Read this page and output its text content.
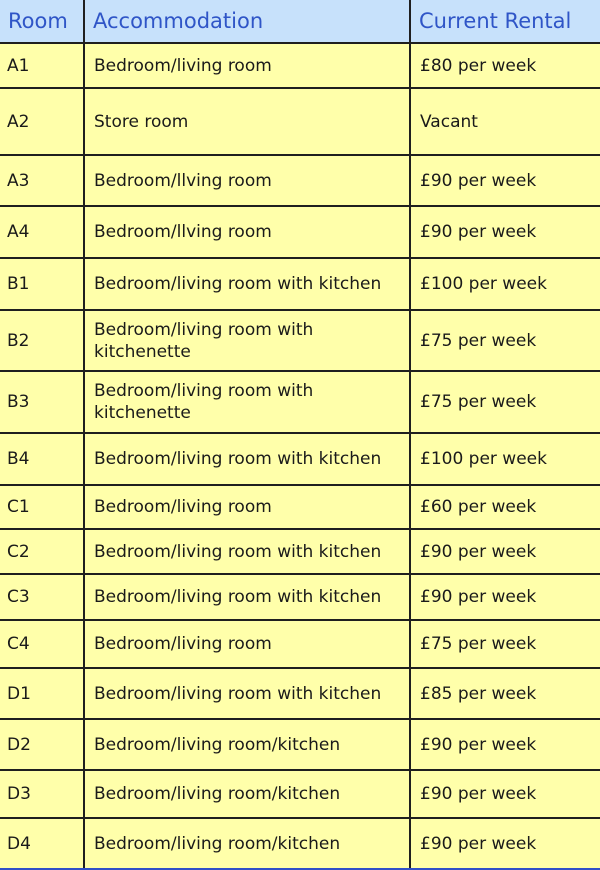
Room	Accommodation	Current Rental
A1	Bedroom/living room	£80 per week
A2	Store room	Vacant
A3	Bedroom/llving room	£90 per week
A4	Bedroom/llving room	£90 per week
B1	Bedroom/living room with kitchen	£100 per week
B2	Bedroom/living room with kitchenette	£75 per week
B3	Bedroom/living room with kitchenette	£75 per week
B4	Bedroom/living room with kitchen	£100 per week
C1	Bedroom/living room	£60 per week
C2	Bedroom/living room with kitchen	£90 per week
C3	Bedroom/living room with kitchen	£90 per week
C4	Bedroom/living room	£75 per week
D1	Bedroom/living room with kitchen	£85 per week
D2	Bedroom/living room/kitchen	£90 per week
D3	Bedroom/living room/kitchen	£90 per week
D4	Bedroom/living room/kitchen	£90 per week
